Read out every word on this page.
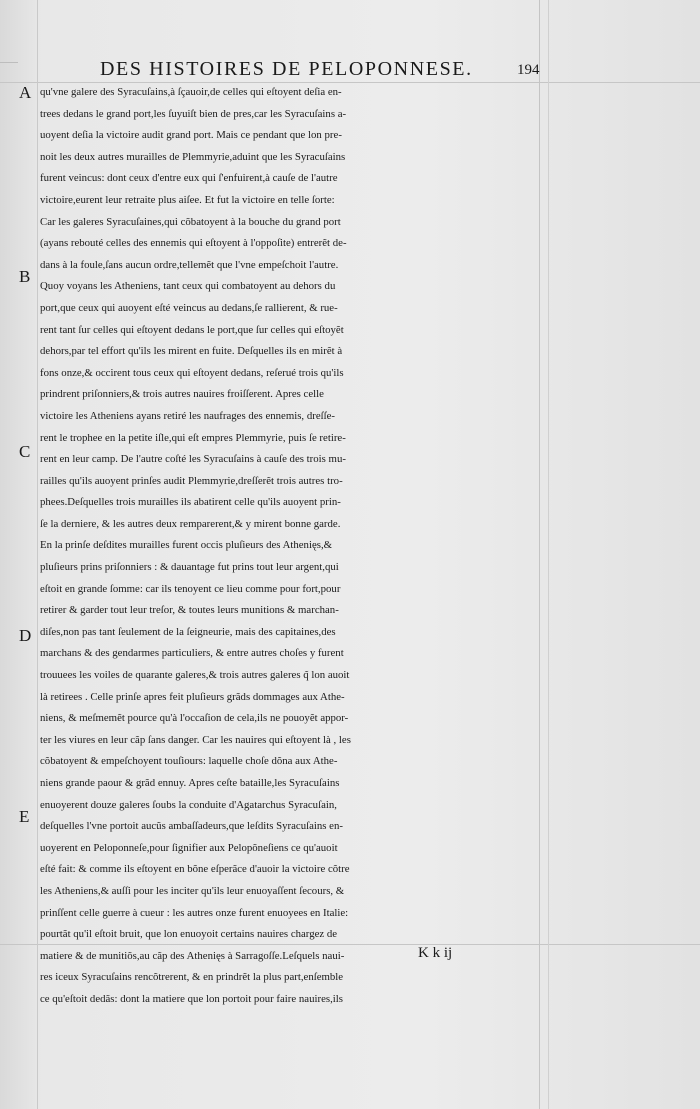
DES HISTOIRES DE PELOPONNESE.	194
A
B
C
D
E
qu'vne galere des Syracuſains,à ſçauoir,de celles qui eſtoyent deſia en-
trees dedans le grand port,les ſuyuiſt bien de pres,car les Syracuſains a-
uoyent deſia la victoire audit grand port. Mais ce pendant que lon pre-
noit les deux autres murailles de Plemmyrie,aduint que les Syracuſains
furent veincus: dont ceux d'entre eux qui ſ'enfuirent,à cauſe de l'autre
victoire,eurent leur retraite plus aiſee. Et fut la victoire en telle ſorte:
Car les galeres Syracuſaines,qui cõbatoyent à la bouche du grand port
(ayans rebouté celles des ennemis qui eſtoyent à l'oppoſite) entrerẽt de-
dans à la foule,ſans aucun ordre,tellemẽt que l'vne empeſchoit l'autre.
Quoy voyans les Atheniens, tant ceux qui combatoyent au dehors du
port,que ceux qui auoyent eſté veincus au dedans,ſe rallierent, & rue-
rent tant ſur celles qui eſtoyent dedans le port,que ſur celles qui eſtoyẽt
dehors,par tel effort qu'ils les mirent en fuite. Deſquelles ils en mirẽt à
fons onze,& occirent tous ceux qui eſtoyent dedans, reſerué trois qu'ils
prindrent priſonniers,& trois autres nauires froiſſerent. Apres celle
victoire les Atheniens ayans retiré les naufrages des ennemis, dreſſe-
rent le trophee en la petite iſle,qui eſt empres Plemmyrie, puis ſe retire-
rent en leur camp. De l'autre coſté les Syracuſains à cauſe des trois mu-
railles qu'ils auoyent prinſes audit Plemmyrie,dreſſerẽt trois autres tro-
phees.Deſquelles trois murailles ils abatirent celle qu'ils auoyent prin-
ſe la derniere, & les autres deux remparerent,& y mirent bonne garde.
En la prinſe deſdites murailles furent occis pluſieurs des Athenięs,&
pluſieurs prins priſonniers : & dauantage fut prins tout leur argent,qui
eſtoit en grande ſomme: car ils tenoyent ce lieu comme pour fort,pour
retirer & garder tout leur treſor, & toutes leurs munitions & marchan-
diſes,non pas tant ſeulement de la ſeigneurie, mais des capitaines,des
marchans & des gendarmes particuliers, & entre autres choſes y furent
trouuees les voiles de quarante galeres,& trois autres galeres q̃ lon auoit
là retirees . Celle prinſe apres feit pluſieurs grãds dommages aux Athe-
niens, & meſmemẽt pource qu'à l'occaſion de cela,ils ne pouoyẽt appor-
ter les viures en leur cãp ſans danger. Car les nauires qui eſtoyent là , les
cõbatoyent & empeſchoyent touſiours: laquelle choſe dõna aux Athe-
niens grande paour & grãd ennuy. Apres ceſte bataille,les Syracuſains
enuoyerent douze galeres ſoubs la conduite d'Agatarchus Syracuſain,
deſquelles l'vne portoit aucũs ambaſſadeurs,que leſdits Syracuſains en-
uoyerent en Peloponneſe,pour ſignifier aux Pelopõneſiens ce qu'auoit
eſté fait: & comme ils eſtoyent en bõne eſperãce d'auoir la victoire cõtre
les Atheniens,& auſſi pour les inciter qu'ils leur enuoyaſſent ſecours, &
prinſſent celle guerre à cueur : les autres onze furent enuoyees en Italie:
pourtãt qu'il eſtoit bruit, que lon enuoyoit certains nauires chargez de
matiere & de munitiõs,au cãp des Athenięs à Sarragoſſe.Leſquels naui-
res iceux Syracuſains rencõtrerent, & en prindrẽt la plus part,enſemble
ce qu'eſtoit dedãs: dont la matiere que lon portoit pour faire nauires,ils
K k ij
